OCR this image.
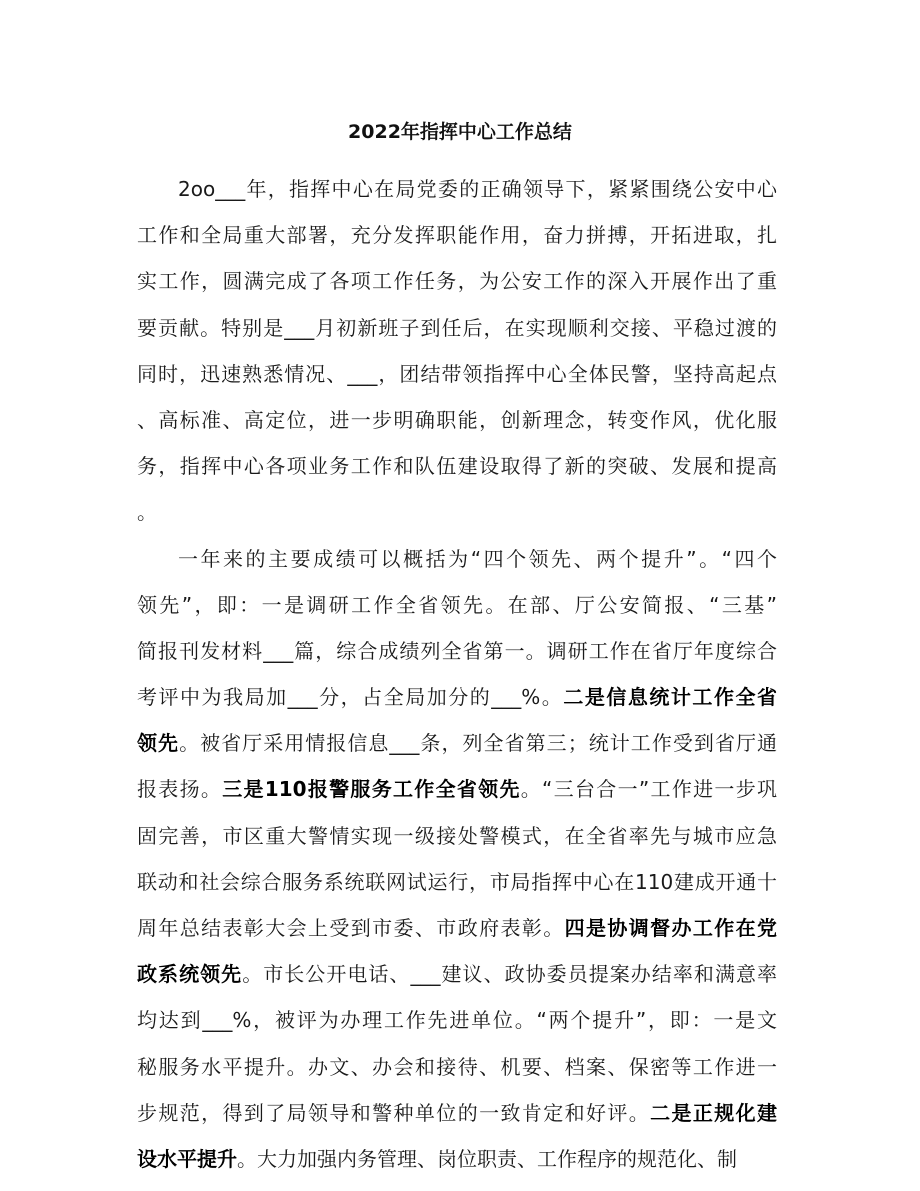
2022年指挥中心工作总结
2oo___年，指挥中心在局党委的正确领导下，紧紧围绕公安中心
工作和全局重大部署，充分发挥职能作用，奋力拼搏，开拓进取，扎
实工作，圆满完成了各项工作任务，为公安工作的深入开展作出了重
要贡献。特别是___月初新班子到任后，在实现顺利交接、平稳过渡的
同时，迅速熟悉情况、___，团结带领指挥中心全体民警，坚持高起点
、高标准、高定位，进一步明确职能，创新理念，转变作风，优化服
务，指挥中心各项业务工作和队伍建设取得了新的突破、发展和提高
。
一年来的主要成绩可以概括为“四个领先、两个提升”。“四个
领先”，即：一是调研工作全省领先。在部、厅公安简报、“三基”
简报刊发材料___篇，综合成绩列全省第一。调研工作在省厅年度综合
考评中为我局加___分，占全局加分的___%。二是信息统计工作全省
领先。被省厅采用情报信息___条，列全省第三；统计工作受到省厅通
报表扬。三是110报警服务工作全省领先。“三台合一”工作进一步巩
固完善，市区重大警情实现一级接处警模式，在全省率先与城市应急
联动和社会综合服务系统联网试运行，市局指挥中心在110建成开通十
周年总结表彰大会上受到市委、市政府表彰。四是协调督办工作在党
政系统领先。市长公开电话、___建议、政协委员提案办结率和满意率
均达到___%，被评为办理工作先进单位。“两个提升”，即：一是文
秘服务水平提升。办文、办会和接待、机要、档案、保密等工作进一
步规范，得到了局领导和警种单位的一致肯定和好评。二是正规化建
设水平提升。大力加强内务管理、岗位职责、工作程序的规范化、制
